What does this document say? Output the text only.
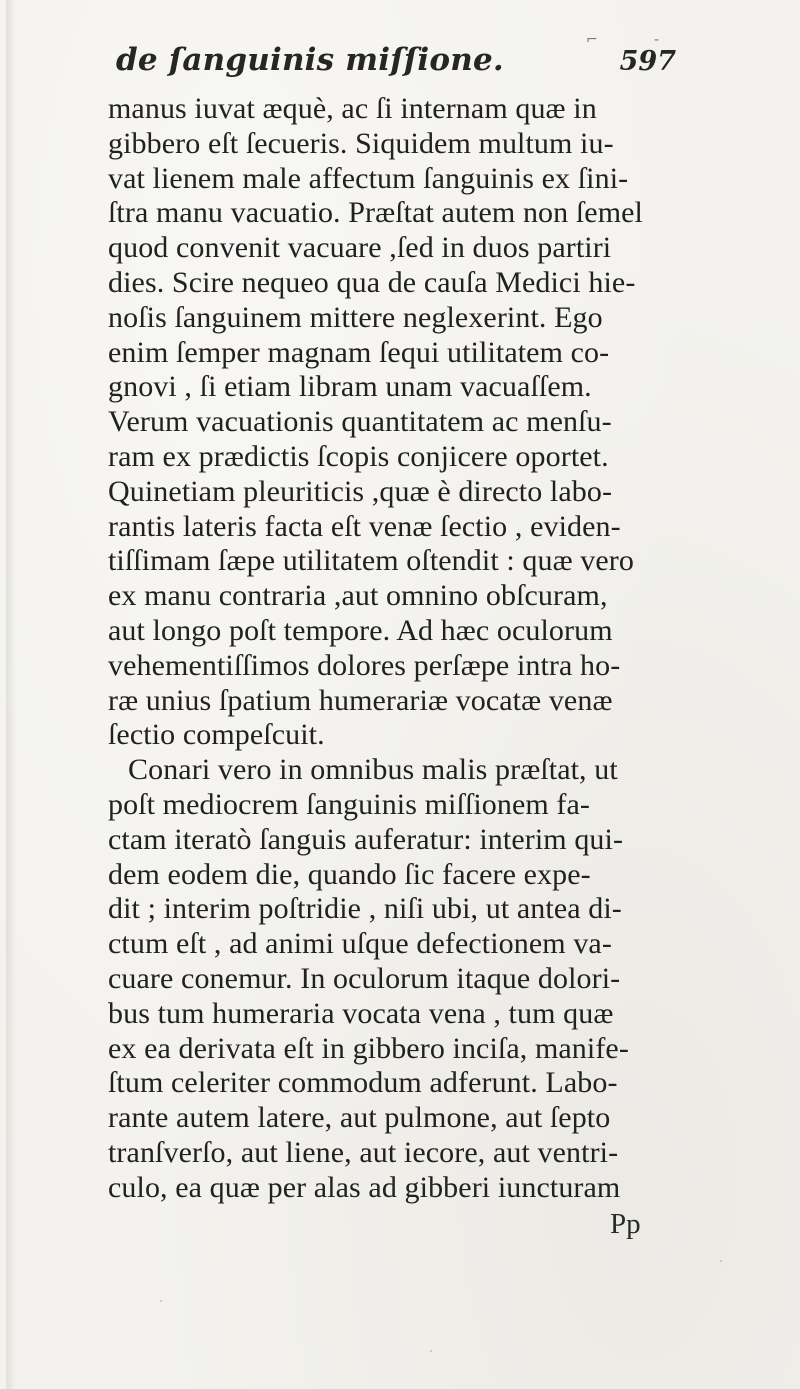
de ſanguinis miſſione.
⌐	-
597
manus iuvat æquè, ac ſi internam quæ in
gibbero eſt ſecueris. Siquidem multum iu-
vat lienem male affectum ſanguinis ex ſini-
ſtra manu vacuatio. Præſtat autem non ſemel
quod convenit vacuare ,ſed in duos partiri
dies. Scire nequeo qua de cauſa Medici hie-
noſis ſanguinem mittere neglexerint. Ego
enim ſemper magnam ſequi utilitatem co-
gnovi , ſi etiam libram unam vacuaſſem.
Verum vacuationis quantitatem ac menſu-
ram ex prædictis ſcopis conjicere oportet.
Quinetiam pleuriticis ,quæ è directo labo-
rantis lateris facta eſt venæ ſectio , eviden-
tiſſimam ſæpe utilitatem oſtendit : quæ vero
ex manu contraria ,aut omnino obſcuram,
aut longo poſt tempore. Ad hæc oculorum
vehementiſſimos dolores perſæpe intra ho-
ræ unius ſpatium humerariæ vocatæ venæ
ſectio compeſcuit.
Conari vero in omnibus malis præſtat, ut
poſt mediocrem ſanguinis miſſionem fa-
ctam iteratò ſanguis auferatur: interim qui-
dem eodem die, quando ſic facere expe-
dit ; interim poſtridie , niſi ubi, ut antea di-
ctum eſt , ad animi uſque defectionem va-
cuare conemur. In oculorum itaque dolori-
bus tum humeraria vocata vena , tum quæ
ex ea derivata eſt in gibbero inciſa, manife-
ſtum celeriter commodum adferunt. Labo-
rante autem latere, aut pulmone, aut ſepto
tranſverſo, aut liene, aut iecore, aut ventri-
culo, ea quæ per alas ad gibberi iuncturam
Pp
